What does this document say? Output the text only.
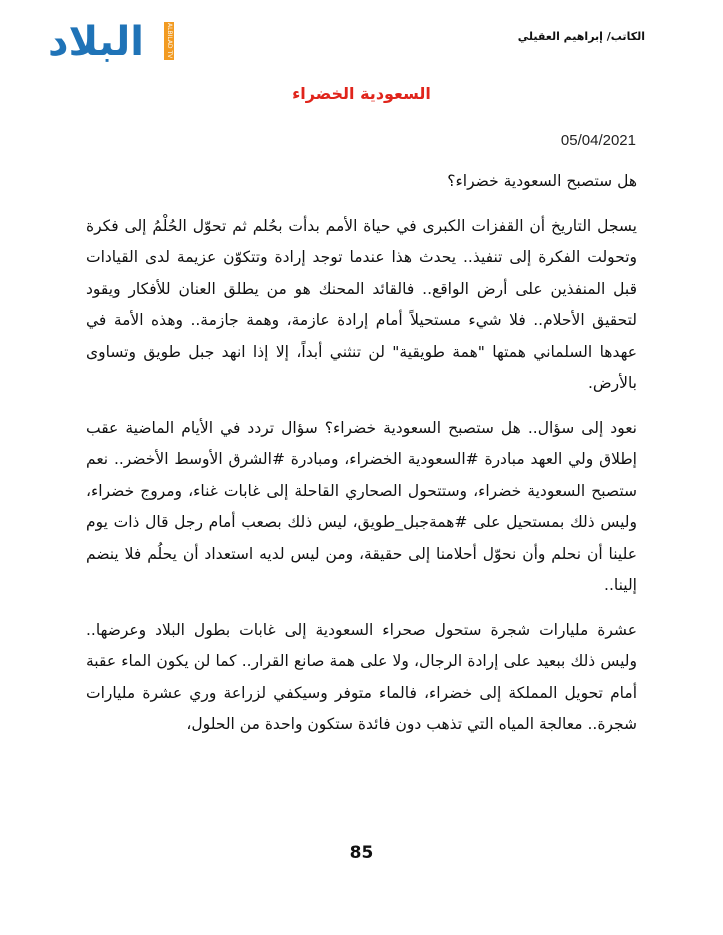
البلاد	ALBILAD TV	الكاتب/ إبراهيم العقيلي
السعودية الخضراء
05/04/2021

هل ستصبح السعودية خضراء؟

يسجل التاريخ أن القفزات الكبرى في حياة الأمم بدأت بحُلم ثم تحوّل الحُلْمُ إلى فكرة وتحولت الفكرة إلى تنفيذ.. يحدث هذا عندما توجد إرادة وتتكوّن عزيمة لدى القيادات قبل المنفذين على أرض الواقع.. فالقائد المحنك هو من يطلق العنان للأفكار ويقود لتحقيق الأحلام.. فلا شيء مستحيلاً أمام إرادة عازمة، وهمة جازمة.. وهذه الأمة في عهدها السلماني همتها "همة طويقية" لن تنثني أبداً، إلا إذا انهد جبل طويق وتساوى بالأرض.

نعود إلى سؤال.. هل ستصبح السعودية خضراء؟ سؤال تردد في الأيام الماضية عقب إطلاق ولي العهد مبادرة #السعودية الخضراء، ومبادرة #الشرق الأوسط الأخضر.. نعم ستصبح السعودية خضراء، وستتحول الصحاري القاحلة إلى غابات غناء، ومروج خضراء، وليس ذلك بمستحيل على #همةجبل_طويق، ليس ذلك بصعب أمام رجل قال ذات يوم علينا أن نحلم وأن نحوّل أحلامنا إلى حقيقة، ومن ليس لديه استعداد أن يحلُم فلا ينضم إلينا..

عشرة مليارات شجرة ستحول صحراء السعودية إلى غابات بطول البلاد وعرضها.. وليس ذلك ببعيد على إرادة الرجال، ولا على همة صانع القرار.. كما لن يكون الماء عقبة أمام تحويل المملكة إلى خضراء، فالماء متوفر وسيكفي لزراعة وري عشرة مليارات شجرة.. معالجة المياه التي تذهب دون فائدة ستكون واحدة من الحلول،

85
